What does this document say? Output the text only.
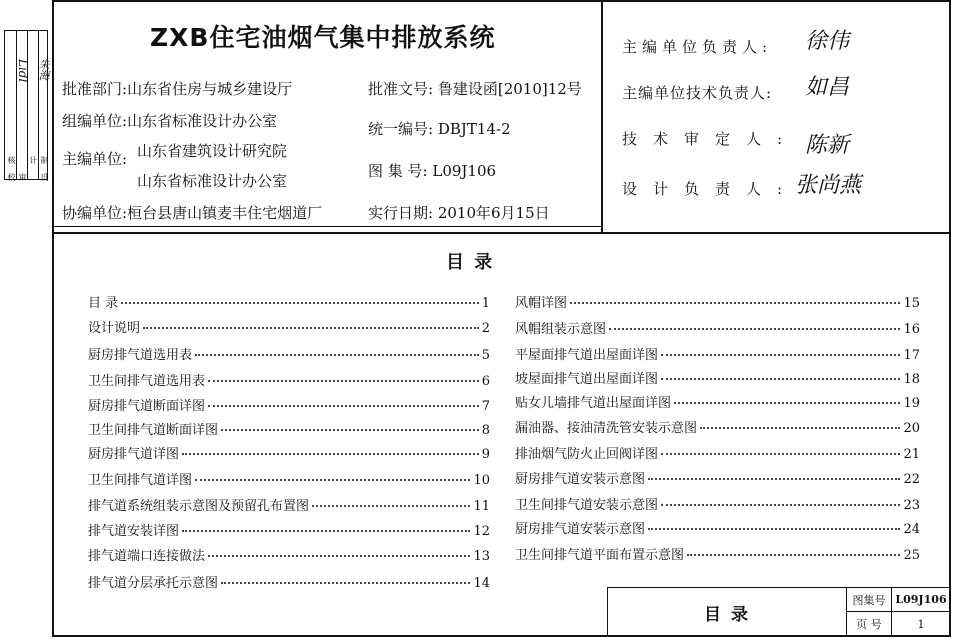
校
核
审
计
设
制
Lidl 朱海
ZXB住宅油烟气集中排放系统
批准部门:山东省住房与城乡建设厅
组编单位:山东省标准设计办公室
主编单位: 山东省建筑设计研究院
山东省标准设计办公室
协编单位:桓台县唐山镇麦丰住宅烟道厂
批准文号: 鲁建设函[2010]12号
统一编号: DBJT14-2
图 集 号: L09J106
实行日期: 2010年6月15日
主编单位负责人: 徐伟
主编单位技术负责人: 如昌
技术审定人: 陈新
设计负责人:
张尚燕
目 录
目 录	1
设计说明	2
厨房排气道选用表	5
卫生间排气道选用表	6
厨房排气道断面详图	7
卫生间排气道断面详图	8
厨房排气道详图	9
卫生间排气道详图	10
排气道系统组装示意图及预留孔布置图	11
排气道安装详图	12
排气道端口连接做法	13
排气道分层承托示意图	14
风帽详图	15
风帽组装示意图	16
平屋面排气道出屋面详图	17
坡屋面排气道出屋面详图	18
贴女儿墙排气道出屋面详图	19
漏油器、接油清洗管安装示意图	20
排油烟气防火止回阀详图	21
厨房排气道安装示意图	22
卫生间排气道安装示意图	23
厨房排气道安装示意图	24
卫生间排气道平面布置示意图	25
目 录
图集号 L09J106
页 号	1
